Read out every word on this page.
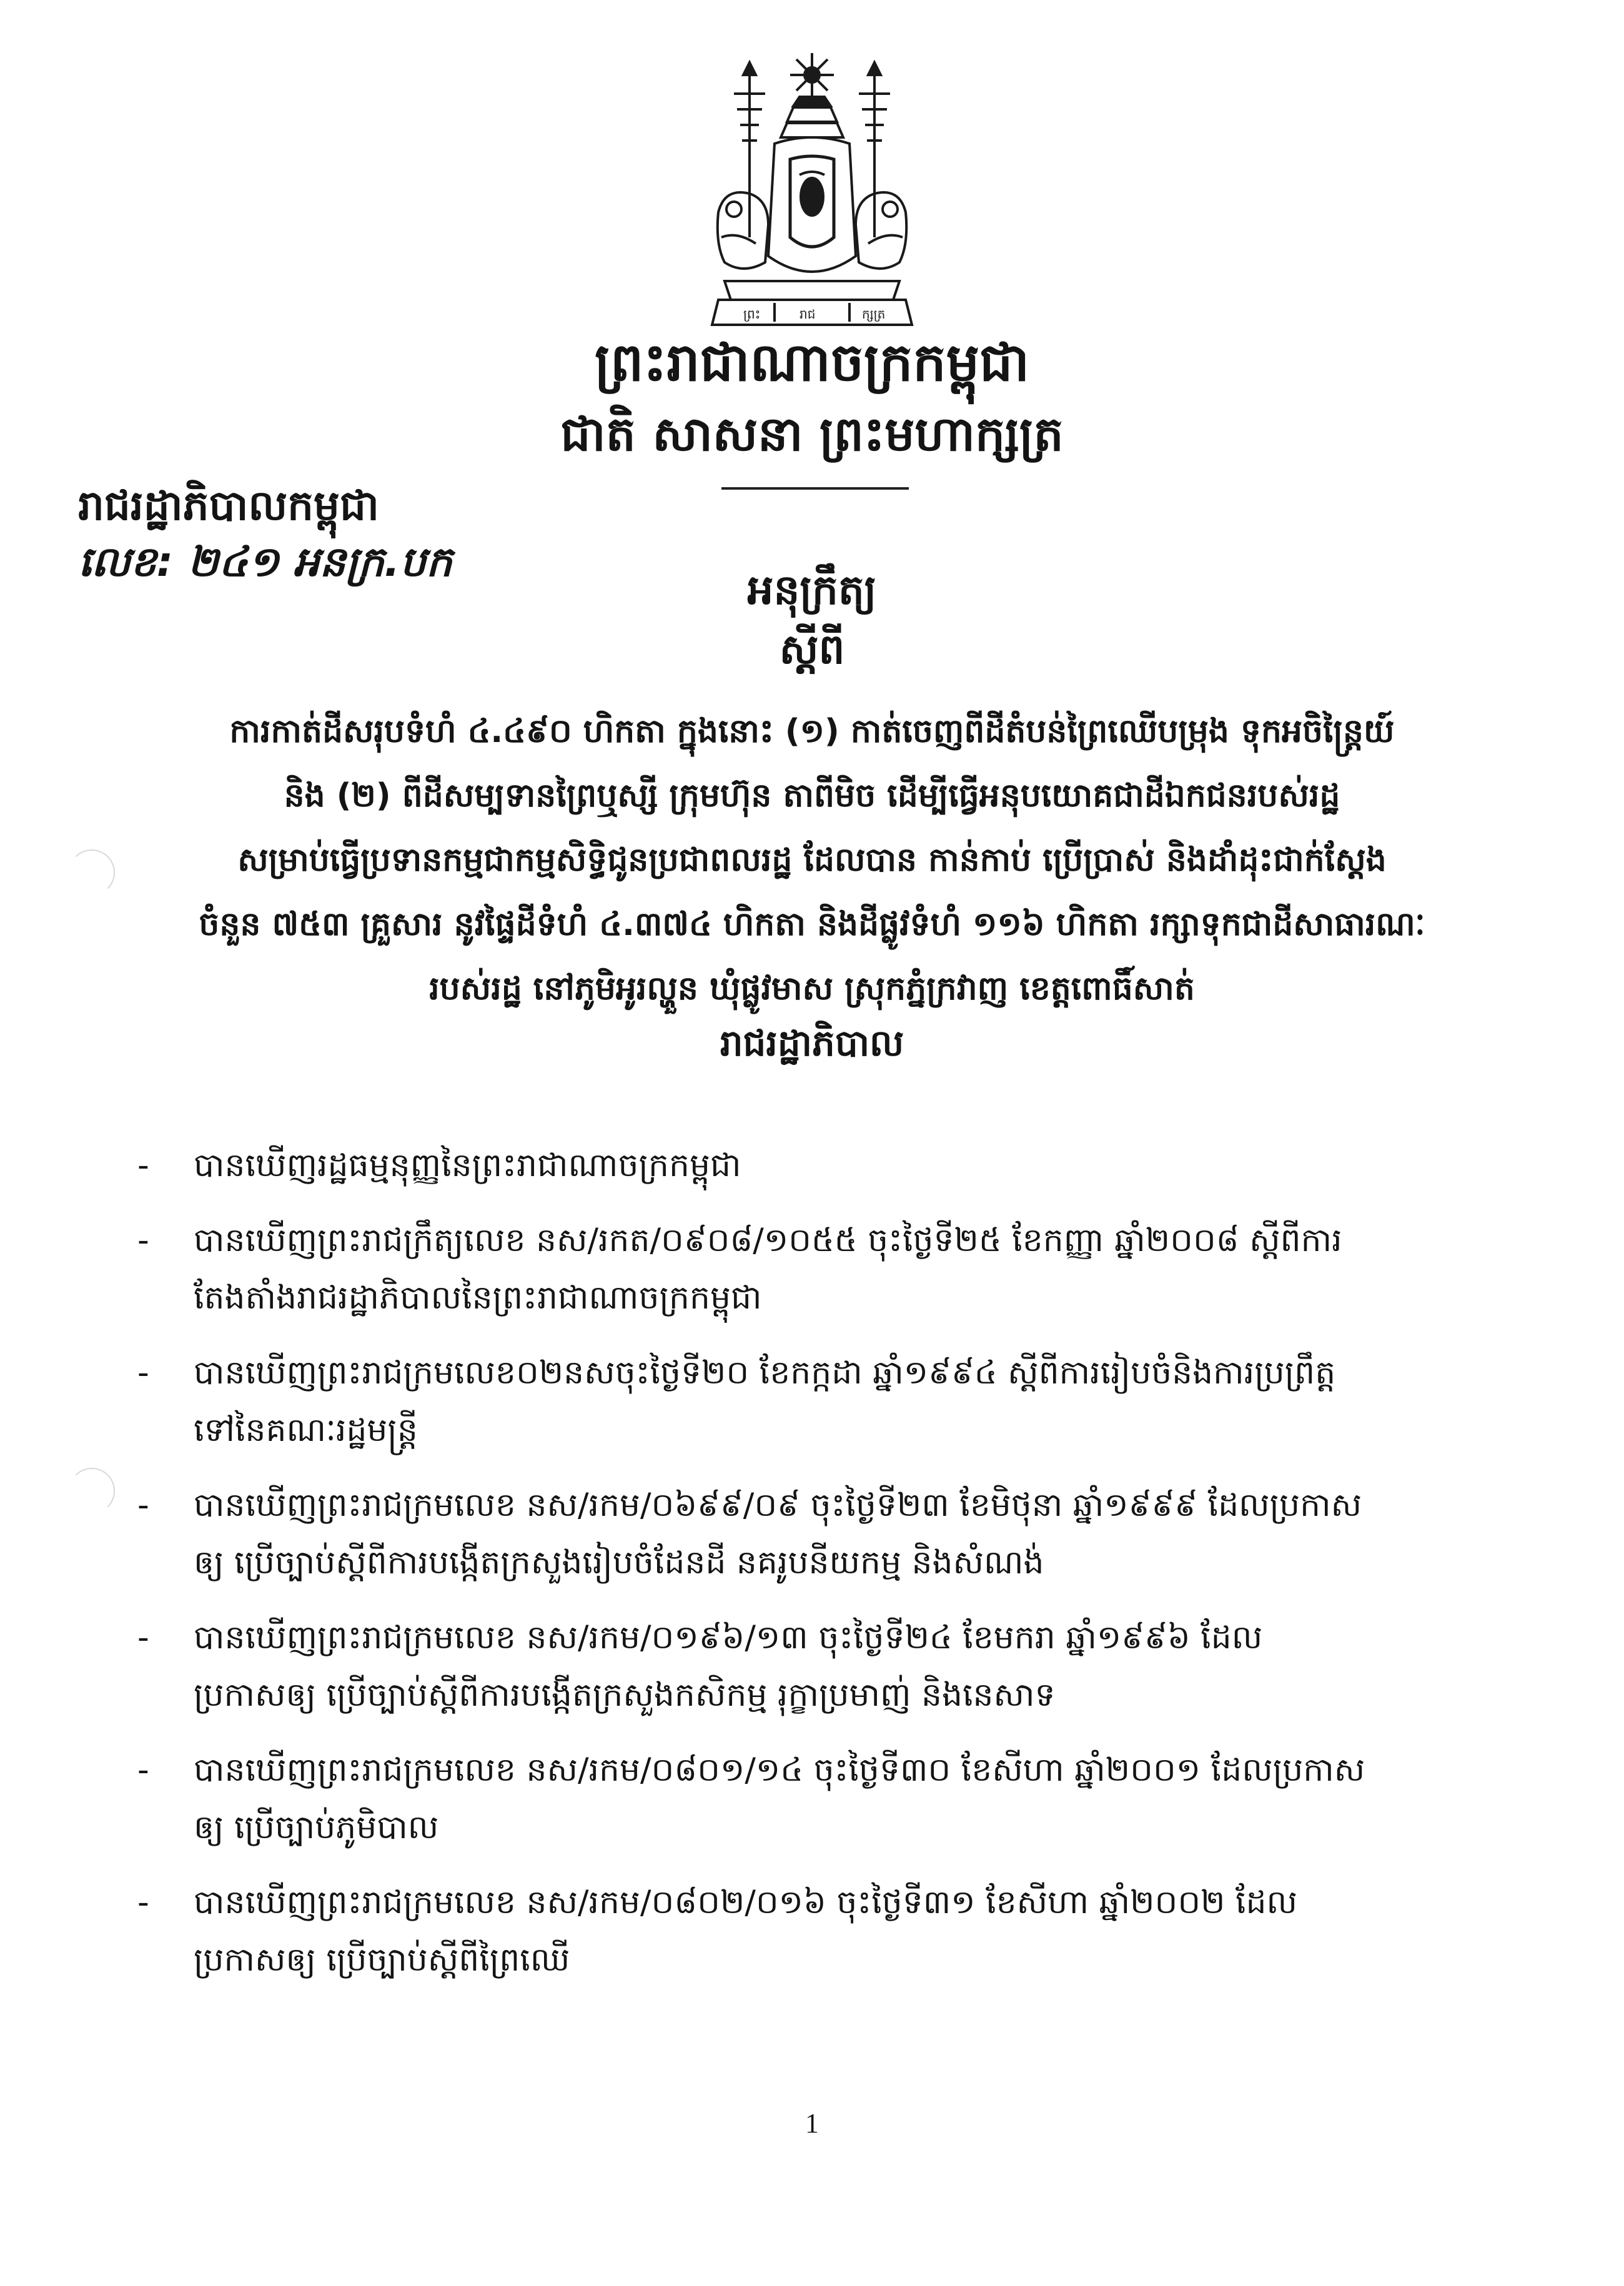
ព្រះ	រាជ	ក្សត្រ
ព្រះរាជាណាចក្រកម្ពុជា
ជាតិ សាសនា ព្រះមហាក្សត្រ
រាជរដ្ឋាភិបាលកម្ពុជា
លេខ: ២៤១ អនក្រ.បក
អនុក្រឹត្យ
ស្តីពី
ការកាត់ដីសរុបទំហំ ៤.៤៩០ ហិកតា ក្នុងនោះ (១) កាត់ចេញពីដីតំបន់ព្រៃឈើបម្រុង ទុកអចិន្ត្រៃយ៍
និង (២) ពីដីសម្បទានព្រៃឬស្សី ក្រុមហ៊ុន តាពីមិច ដើម្បីធ្វើអនុបយោគជាដីឯកជនរបស់រដ្ឋ
សម្រាប់ធ្វើប្រទានកម្មជាកម្មសិទ្ធិជូនប្រជាពលរដ្ឋ ដែលបាន កាន់កាប់ ប្រើប្រាស់ និងដាំដុះជាក់ស្តែង
ចំនួន ៧៥៣ គ្រួសារ នូវផ្ទៃដីទំហំ ៤.៣៧៤ ហិកតា និងដីផ្លូវទំហំ ១១៦ ហិកតា រក្សាទុកជាដីសាធារណៈ
របស់រដ្ឋ នៅភូមិអូរល្ហួន ឃុំផ្លូវមាស ស្រុកភ្នំក្រវាញ ខេត្តពោធិ៍សាត់
រាជរដ្ឋាភិបាល
- បានឃើញរដ្ឋធម្មនុញ្ញនៃព្រះរាជាណាចក្រកម្ពុជា
- បានឃើញព្រះរាជក្រឹត្យលេខ នស/រកត/០៩០៨/១០៥៥ ចុះថ្ងៃទី២៥ ខែកញ្ញា ឆ្នាំ២០០៨ ស្តីពីការ
តែងតាំងរាជរដ្ឋាភិបាលនៃព្រះរាជាណាចក្រកម្ពុជា
- បានឃើញព្រះរាជក្រមលេខ០២នសចុះថ្ងៃទី២០ ខែកក្កដា ឆ្នាំ១៩៩៤ ស្តីពីការរៀបចំនិងការប្រព្រឹត្ត
ទៅនៃគណៈរដ្ឋមន្ត្រី
- បានឃើញព្រះរាជក្រមលេខ នស/រកម/០៦៩៩/០៩ ចុះថ្ងៃទី២៣ ខែមិថុនា ឆ្នាំ១៩៩៩ ដែលប្រកាស
ឲ្យ ប្រើច្បាប់ស្តីពីការបង្កើតក្រសួងរៀបចំដែនដី នគរូបនីយកម្ម និងសំណង់
- បានឃើញព្រះរាជក្រមលេខ នស/រកម/០១៩៦/១៣ ចុះថ្ងៃទី២៤ ខែមករា ឆ្នាំ១៩៩៦ ដែល
ប្រកាសឲ្យ ប្រើច្បាប់ស្តីពីការបង្កើតក្រសួងកសិកម្ម រុក្ខាប្រមាញ់ និងនេសាទ
- បានឃើញព្រះរាជក្រមលេខ នស/រកម/០៨០១/១៤ ចុះថ្ងៃទី៣០ ខែសីហា ឆ្នាំ២០០១ ដែលប្រកាស
ឲ្យ ប្រើច្បាប់ភូមិបាល
- បានឃើញព្រះរាជក្រមលេខ នស/រកម/០៨០២/០១៦ ចុះថ្ងៃទី៣១ ខែសីហា ឆ្នាំ២០០២ ដែល
ប្រកាសឲ្យ ប្រើច្បាប់ស្តីពីព្រៃឈើ
1
